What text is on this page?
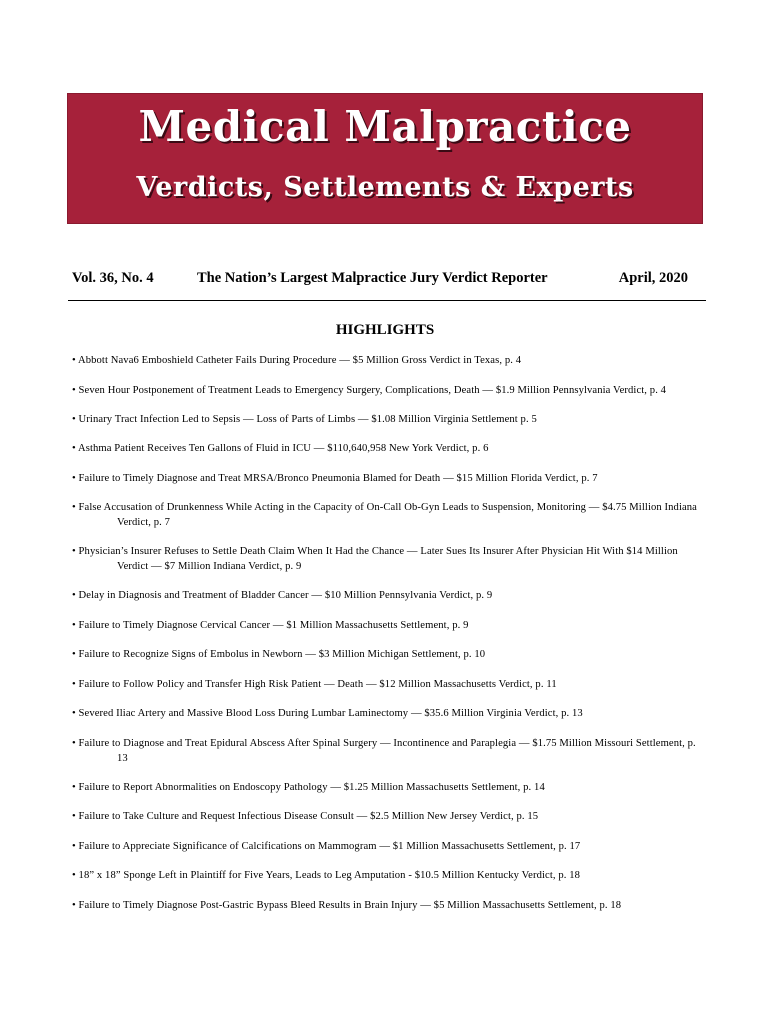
Medical Malpractice
Verdicts, Settlements & Experts
Vol. 36, No. 4	The Nation’s Largest Malpractice Jury Verdict Reporter	April, 2020
HIGHLIGHTS
• Abbott Nava6 Emboshield Catheter Fails During Procedure — $5 Million Gross Verdict in Texas, p. 4
• Seven Hour Postponement of Treatment Leads to Emergency Surgery, Complications, Death — $1.9 Million Pennsylvania Verdict, p. 4
• Urinary Tract Infection Led to Sepsis — Loss of Parts of Limbs — $1.08 Million Virginia Settlement p. 5
• Asthma Patient Receives Ten Gallons of Fluid in ICU — $110,640,958 New York Verdict, p. 6
• Failure to Timely Diagnose and Treat MRSA/Bronco Pneumonia Blamed for Death — $15 Million Florida Verdict, p. 7
• False Accusation of Drunkenness While Acting in the Capacity of On-Call Ob-Gyn Leads to Suspension, Monitoring — $4.75 Million Indiana Verdict, p. 7
• Physician’s Insurer Refuses to Settle Death Claim When It Had the Chance — Later Sues Its Insurer After Physician Hit With $14 Million Verdict — $7 Million Indiana Verdict, p. 9
• Delay in Diagnosis and Treatment of Bladder Cancer — $10 Million Pennsylvania Verdict, p. 9
• Failure to Timely Diagnose Cervical Cancer — $1 Million Massachusetts Settlement, p. 9
• Failure to Recognize Signs of Embolus in Newborn — $3 Million Michigan Settlement, p. 10
• Failure to Follow Policy and Transfer High Risk Patient — Death — $12 Million Massachusetts Verdict, p. 11
• Severed Iliac Artery and Massive Blood Loss During Lumbar Laminectomy — $35.6 Million Virginia Verdict, p. 13
• Failure to Diagnose and Treat Epidural Abscess After Spinal Surgery — Incontinence and Paraplegia — $1.75 Million Missouri Settlement, p. 13
• Failure to Report Abnormalities on Endoscopy Pathology — $1.25 Million Massachusetts Settlement, p. 14
• Failure to Take Culture and Request Infectious Disease Consult — $2.5 Million New Jersey Verdict, p. 15
• Failure to Appreciate Significance of Calcifications on Mammogram — $1 Million Massachusetts Settlement, p. 17
• 18” x 18” Sponge Left in Plaintiff for Five Years, Leads to Leg Amputation - $10.5 Million Kentucky Verdict, p. 18
• Failure to Timely Diagnose Post-Gastric Bypass Bleed Results in Brain Injury — $5 Million Massachusetts Settlement, p. 18
